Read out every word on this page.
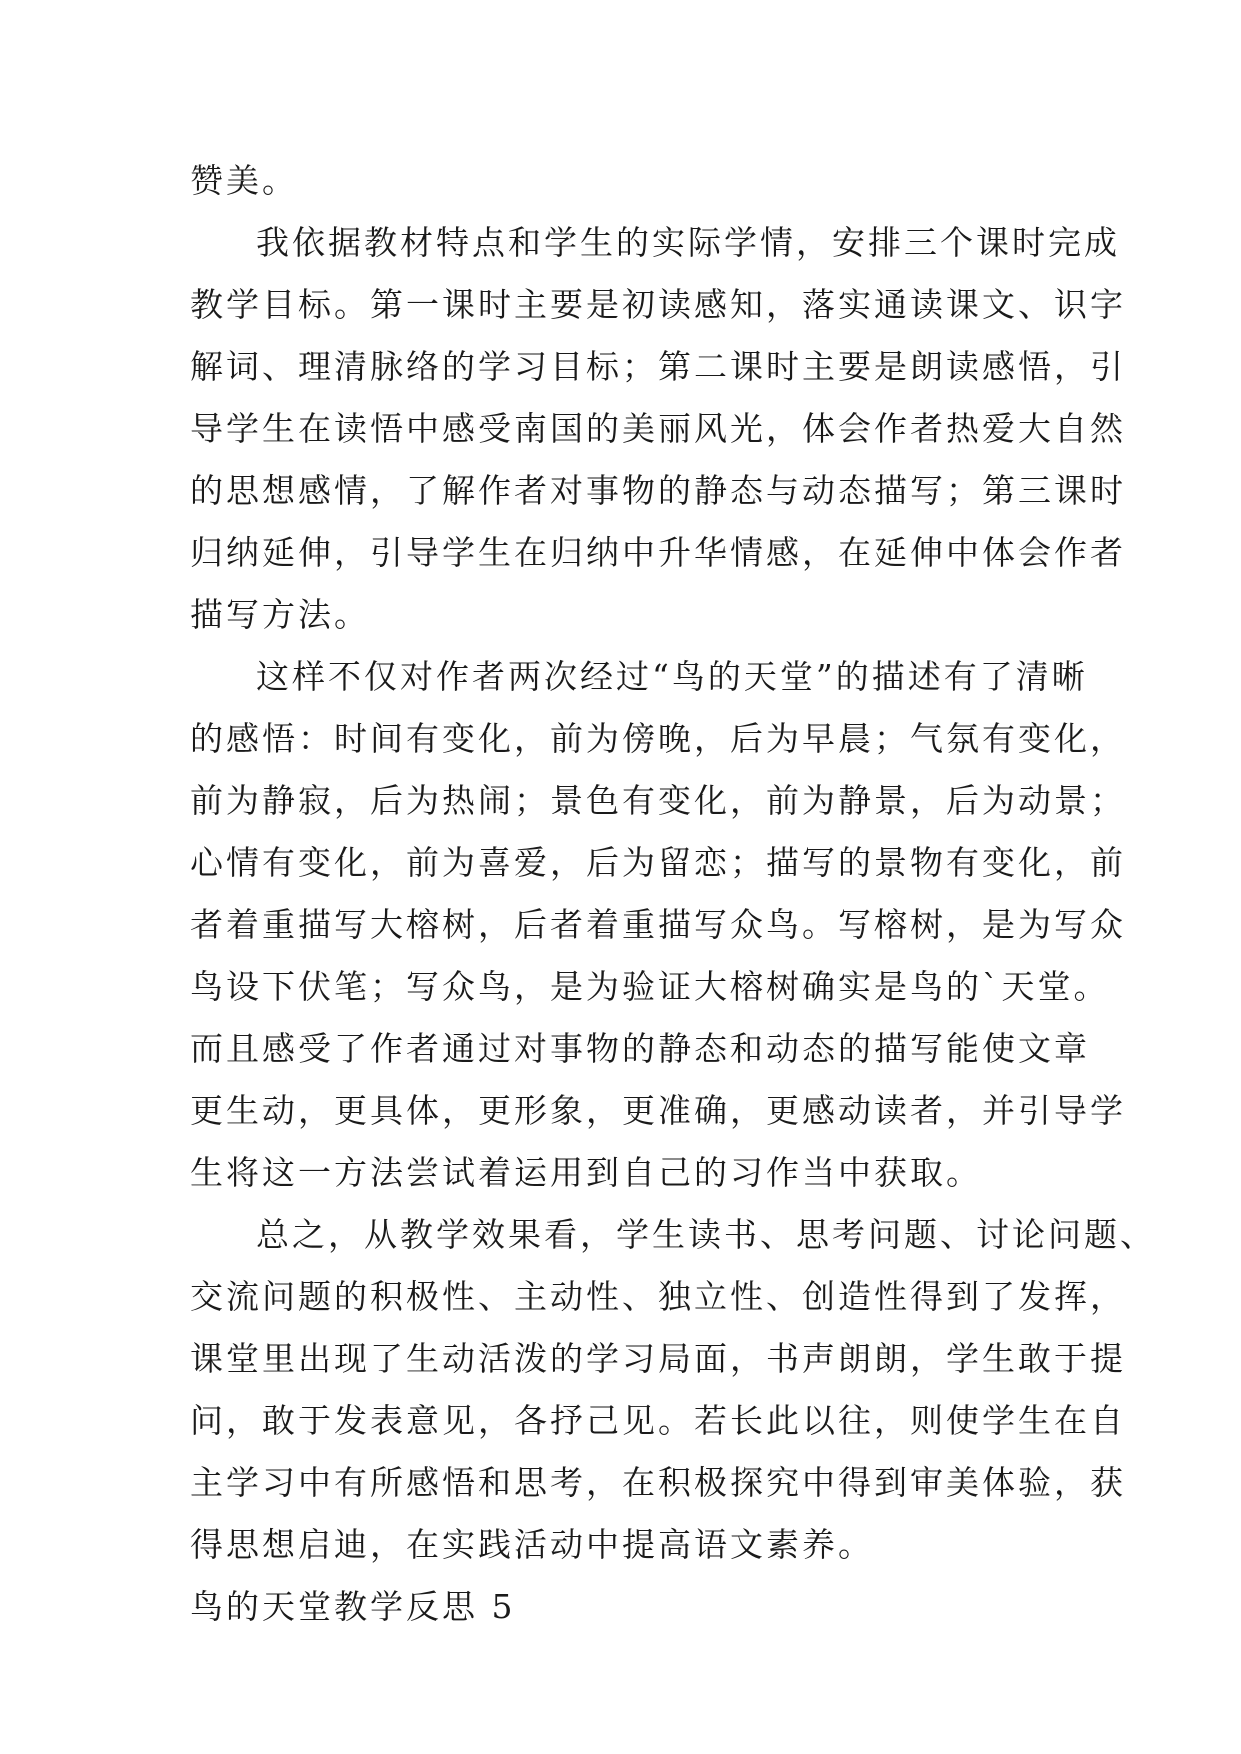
赞美。

我依据教材特点和学生的实际学情，安排三个课时完成

教学目标。第一课时主要是初读感知，落实通读课文、识字

解词、理清脉络的学习目标；第二课时主要是朗读感悟，引

导学生在读悟中感受南国的美丽风光，体会作者热爱大自然

的思想感情，了解作者对事物的静态与动态描写；第三课时

归纳延伸，引导学生在归纳中升华情感，在延伸中体会作者

描写方法。

这样不仅对作者两次经过“鸟的天堂”的描述有了清晰

的感悟：时间有变化，前为傍晚，后为早晨；气氛有变化，

前为静寂，后为热闹；景色有变化，前为静景，后为动景；

心情有变化，前为喜爱，后为留恋；描写的景物有变化，前

者着重描写大榕树，后者着重描写众鸟。写榕树，是为写众

鸟设下伏笔；写众鸟，是为验证大榕树确实是鸟的`天堂。

而且感受了作者通过对事物的静态和动态的描写能使文章

更生动，更具体，更形象，更准确，更感动读者，并引导学

生将这一方法尝试着运用到自己的习作当中获取。

总之，从教学效果看，学生读书、思考问题、讨论问题、

交流问题的积极性、主动性、独立性、创造性得到了发挥，

课堂里出现了生动活泼的学习局面，书声朗朗，学生敢于提

问，敢于发表意见，各抒己见。若长此以往，则使学生在自

主学习中有所感悟和思考，在积极探究中得到审美体验，获

得思想启迪，在实践活动中提高语文素养。

鸟的天堂教学反思 5
